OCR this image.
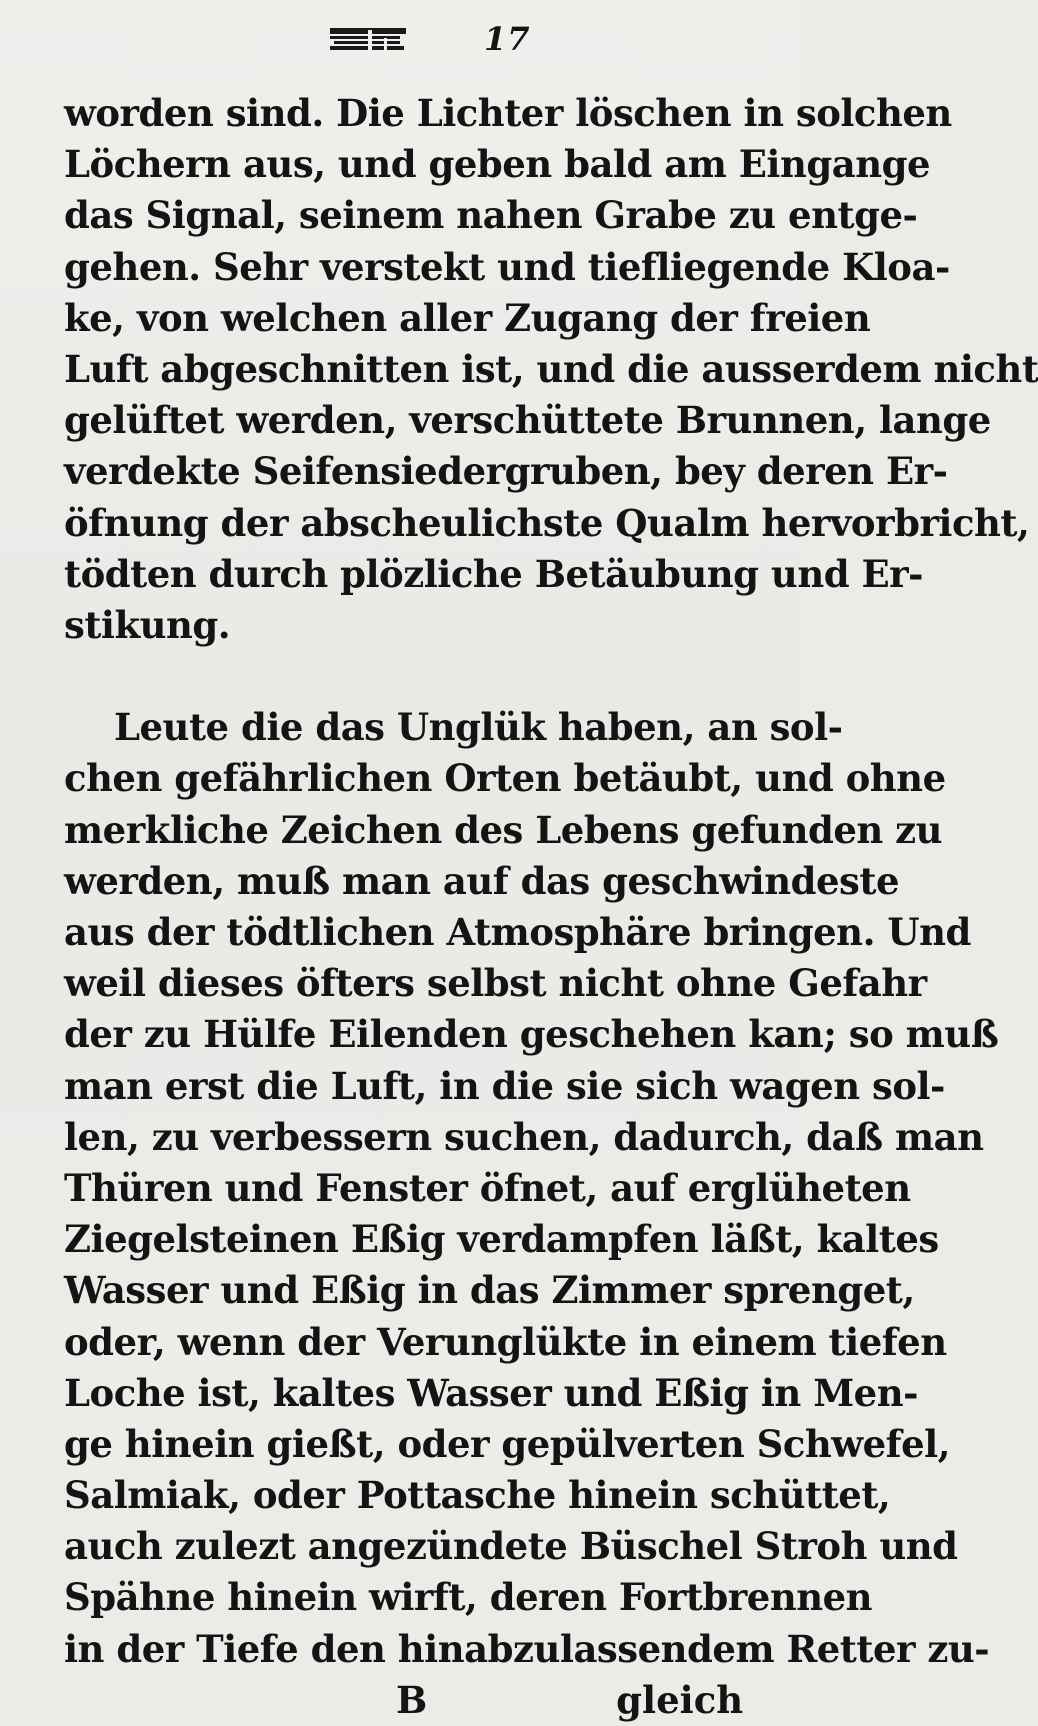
17
worden sind. Die Lichter löschen in solchen
Löchern aus, und geben bald am Eingange
das Signal, seinem nahen Grabe zu entge-
gehen. Sehr verstekt und tiefliegende Kloa-
ke, von welchen aller Zugang der freien
Luft abgeschnitten ist, und die ausserdem nicht
gelüftet werden, verschüttete Brunnen, lange
verdekte Seifensiedergruben, bey deren Er-
öfnung der abscheulichste Qualm hervorbricht,
tödten durch plözliche Betäubung und Er-
stikung.
Leute die das Unglük haben, an sol-
chen gefährlichen Orten betäubt, und ohne
merkliche Zeichen des Lebens gefunden zu
werden, muß man auf das geschwindeste
aus der tödtlichen Atmosphäre bringen. Und
weil dieses öfters selbst nicht ohne Gefahr
der zu Hülfe Eilenden geschehen kan; so muß
man erst die Luft, in die sie sich wagen sol-
len, zu verbessern suchen, dadurch, daß man
Thüren und Fenster öfnet, auf erglüheten
Ziegelsteinen Eßig verdampfen läßt, kaltes
Wasser und Eßig in das Zimmer sprenget,
oder, wenn der Verunglükte in einem tiefen
Loche ist, kaltes Wasser und Eßig in Men-
ge hinein gießt, oder gepülverten Schwefel,
Salmiak, oder Pottasche hinein schüttet,
auch zulezt angezündete Büschel Stroh und
Spähne hinein wirft, deren Fortbrennen
in der Tiefe den hinabzulassendem Retter zu-
B	gleich
